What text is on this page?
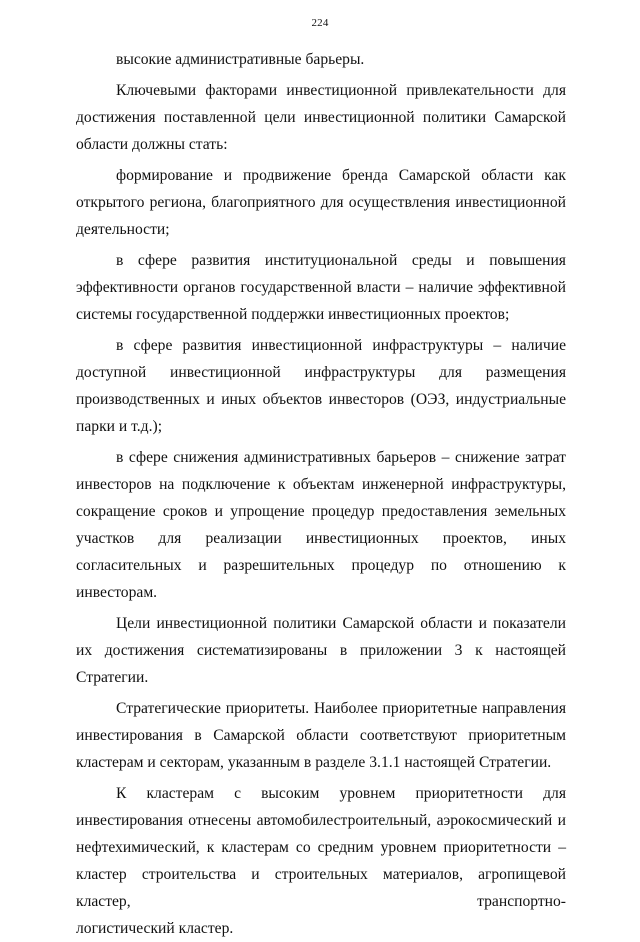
224

высокие административные барьеры.

Ключевыми факторами инвестиционной привлекательности для достижения поставленной цели инвестиционной политики Самарской области должны стать:

формирование и продвижение бренда Самарской области как открытого региона, благоприятного для осуществления инвестиционной деятельности;

в сфере развития институциональной среды и повышения эффективности органов государственной власти – наличие эффективной системы государственной поддержки инвестиционных проектов;

в сфере развития инвестиционной инфраструктуры – наличие доступной инвестиционной инфраструктуры для размещения производственных и иных объектов инвесторов (ОЭЗ, индустриальные парки и т.д.);

в сфере снижения административных барьеров – снижение затрат инвесторов на подключение к объектам инженерной инфраструктуры, сокращение сроков и упрощение процедур предоставления земельных участков для реализации инвестиционных проектов, иных согласительных и разрешительных процедур по отношению к инвесторам.

Цели инвестиционной политики Самарской области и показатели их достижения систематизированы в приложении 3 к настоящей Стратегии.

Стратегические приоритеты. Наиболее приоритетные направления инвестирования в Самарской области соответствуют приоритетным кластерам и секторам, указанным в разделе 3.1.1 настоящей Стратегии.

К кластерам с высоким уровнем приоритетности для инвестирования отнесены автомобилестроительный, аэрокосмический и нефтехимический, к кластерам со средним уровнем приоритетности – кластер строительства и строительных материалов, агропищевой кластер, транспортно-

логистический кластер.
